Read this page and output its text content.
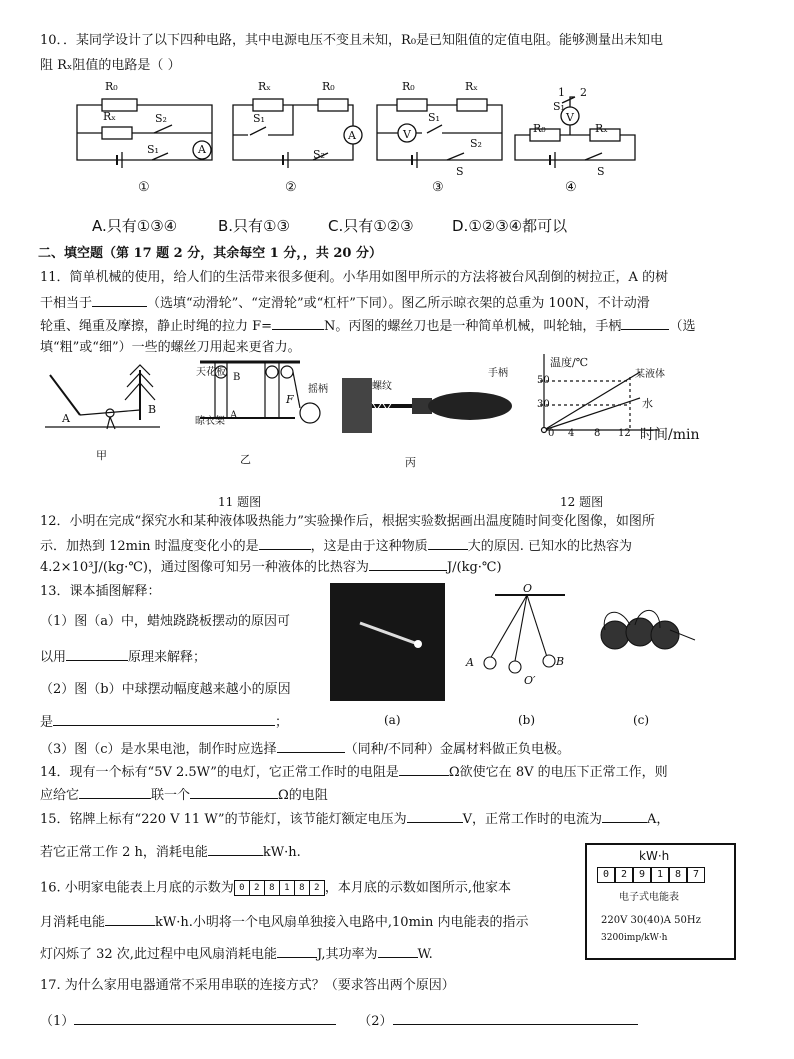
10．．某同学设计了以下四种电路，其中电源电压不变且未知，R₀是已知阻值的定值电阻。能够测量出未知电
阻 Rₓ阻值的电路是（ ）
R₀
Rₓ	S₂
S₁	A
①
Rₓ	R₀
S₁
A
S₂
②
R₀	Rₓ
V
S₁
S₂
S
③
1 2
S₁
V
R₀	Rₓ
S
④
A.只有①③④	B.只有①③	C.只有①②③	D.①②③④都可以
二、填空题（第 17 题 2 分，其余每空 1 分，，共 20 分）
11．简单机械的使用，给人们的生活带来很多便利。小华用如图甲所示的方法将被台风刮倒的树拉正，A 的树
干相当于	（选填“动滑轮”、“定滑轮”或“杠杆”下同）。图乙所示晾衣架的总重为 100N，不计动滑
轮重、绳重及摩擦，静止时绳的拉力 F=	N。丙图的螺丝刀也是一种简单机械，叫轮轴，手柄	（选
填“粗”或“细”）一些的螺丝刀用起来更省力。
A
B
甲
天花板
晾衣架
B
A
摇柄
F
乙
螺纹
手柄
丙
11 题图
温度/℃
50
30
0 4 8 12 时间/min
某液体
水
12 题图
12．小明在完成“探究水和某种液体吸热能力”实验操作后，根据实验数据画出温度随时间变化图像，如图所
示．加热到 12min 时温度变化小的是	，这是由于这种物质	大的原因. 已知水的比热容为
4.2×10³J/(kg·℃)，通过图像可知另一种液体的比热容为	J/(kg·℃)
13．课本插图解释：
（1）图（a）中，蜡烛跷跷板摆动的原因可
以用	原理来解释；
（2）图（b）中球摆动幅度越来越小的原因
是	；
（3）图（c）是水果电池，制作时应选择	（同种/不同种）金属材料做正负电极。
O
A	B
O′
(a)	(b)	(c)
14．现有一个标有“5V 2.5W”的电灯，它正常工作时的电阻是	Ω欲使它在 8V 的电压下正常工作，则
应给它	联一个	Ω的电阻
15．铭牌上标有“220 V 11 W”的节能灯，该节能灯额定电压为	V，正常工作时的电流为	A，
若它正常工作 2 h，消耗电能	kW·h.
16. 小明家电能表上月底的示数为 0	2	8	1	8	2 ，本月底的示数如图所示,他家本
月消耗电能	kW·h.小明将一个电风扇单独接入电路中,10min 内电能表的指示
灯闪烁了 32 次,此过程中电风扇消耗电能	J,其功率为	W.
kW·h
0	2	9	1	8	7
电子式电能表
220V 30(40)A 50Hz
3200imp/kW·h
17. 为什么家用电器通常不采用串联的连接方式？（要求答出两个原因）
（1）	（2）
